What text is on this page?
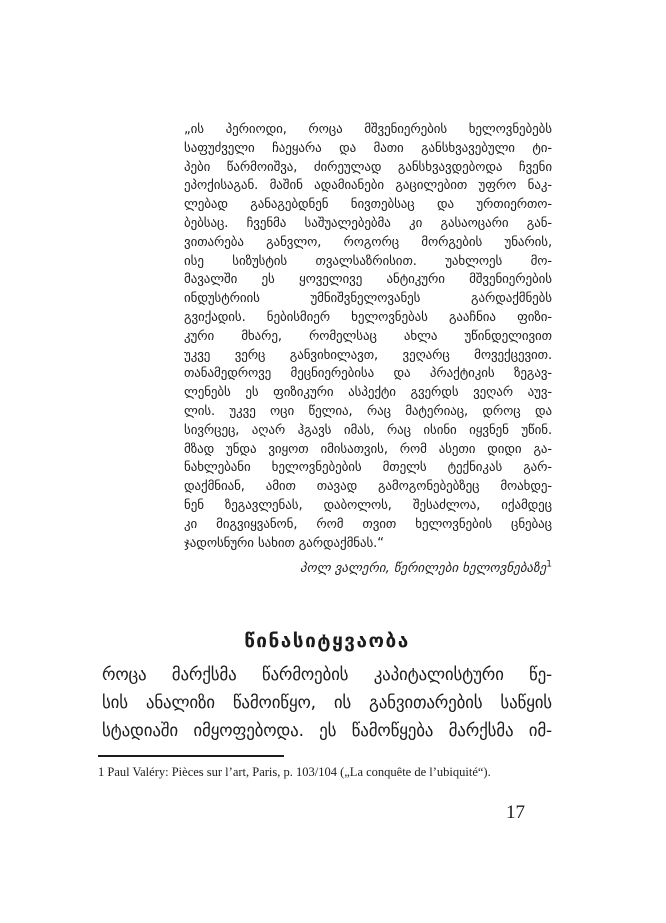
„ის პერიოდი, როცა მშვენიერების ხელოვნებებს
საფუძველი ჩაეყარა და მათი განსხვავებული ტი-
პები წარმოიშვა, ძირეულად განსხვავდებოდა ჩვენი
ეპოქისაგან. მაშინ ადამიანები გაცილებით უფრო ნაკ-
ლებად განაგებდნენ ნივთებსაც და ურთიერთო-
ბებსაც. ჩვენმა საშუალებებმა კი გასაოცარი გან-
ვითარება განვლო, როგორც მორგების უნარის,
ისე სიზუსტის თვალსაზრისით. უახლოეს მო-
მავალში ეს ყოველივე ანტიკური მშვენიერების
ინდუსტრიის უმნიშვნელოვანეს გარდაქმნებს
გვიქადის. ნებისმიერ ხელოვნებას გააჩნია ფიზი-
კური მხარე, რომელსაც ახლა უწინდელივით
უკვე ვერც განვიხილავთ, ვეღარც მოვექცევით.
თანამედროვე მეცნიერებისა და პრაქტიკის ზეგავ-
ლენებს ეს ფიზიკური ასპექტი გვერდს ვეღარ აუვ-
ლის. უკვე ოცი წელია, რაც მატერიაც, დროც და
სივრცეც, აღარ ჰგავს იმას, რაც ისინი იყვნენ უწინ.
მზად უნდა ვიყოთ იმისათვის, რომ ასეთი დიდი გა-
ნახლებანი ხელოვნებების მთელს ტექნიკას გარ-
დაქმნიან, ამით თავად გამოგონებებზეც მოახდე-
ნენ ზეგავლენას, დაბოლოს, შესაძლოა, იქამდეც
კი მიგვიყვანონ, რომ თვით ხელოვნების ცნებაც
ჯადოსნური სახით გარდაქმნას.“
პოლ ვალერი, წერილები ხელოვნებაზე$^1$
წინასიტყვაობა
როცა მარქსმა წარმოების კაპიტალისტური წე-
სის ანალიზი წამოიწყო, ის განვითარების საწყის
სტადიაში იმყოფებოდა. ეს წამოწყება მარქსმა იმ-
1 Paul Valéry: Pièces sur l’art, Paris, p. 103/104 („La conquête de l’ubiquité“).
17
